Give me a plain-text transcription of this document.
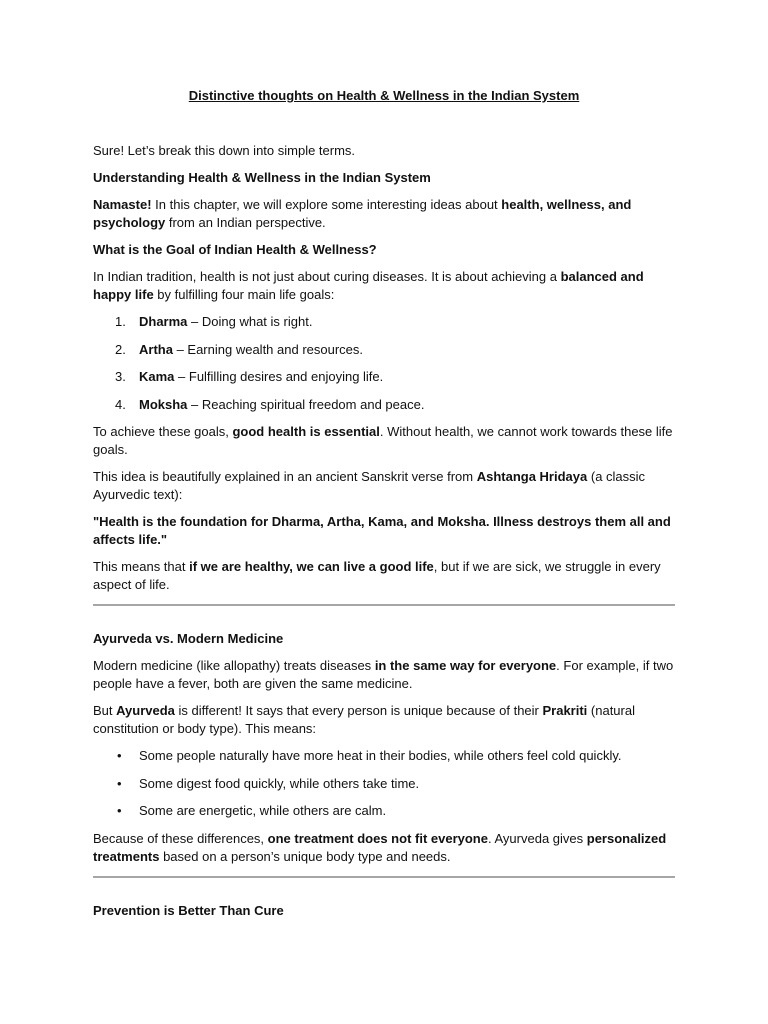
Distinctive thoughts on Health & Wellness in the Indian System

Sure! Let’s break this down into simple terms.

Understanding Health & Wellness in the Indian System

Namaste! In this chapter, we will explore some interesting ideas about health, wellness, and psychology from an Indian perspective.

What is the Goal of Indian Health & Wellness?

In Indian tradition, health is not just about curing diseases. It is about achieving a balanced and happy life by fulfilling four main life goals:

1. Dharma – Doing what is right.
2. Artha – Earning wealth and resources.
3. Kama – Fulfilling desires and enjoying life.
4. Moksha – Reaching spiritual freedom and peace.

To achieve these goals, good health is essential. Without health, we cannot work towards these life goals.

This idea is beautifully explained in an ancient Sanskrit verse from Ashtanga Hridaya (a classic Ayurvedic text):

"Health is the foundation for Dharma, Artha, Kama, and Moksha. Illness destroys them all and affects life."

This means that if we are healthy, we can live a good life, but if we are sick, we struggle in every aspect of life.

Ayurveda vs. Modern Medicine

Modern medicine (like allopathy) treats diseases in the same way for everyone. For example, if two people have a fever, both are given the same medicine.

But Ayurveda is different! It says that every person is unique because of their Prakriti (natural constitution or body type). This means:

• Some people naturally have more heat in their bodies, while others feel cold quickly.
• Some digest food quickly, while others take time.
• Some are energetic, while others are calm.

Because of these differences, one treatment does not fit everyone. Ayurveda gives personalized treatments based on a person’s unique body type and needs.

Prevention is Better Than Cure
